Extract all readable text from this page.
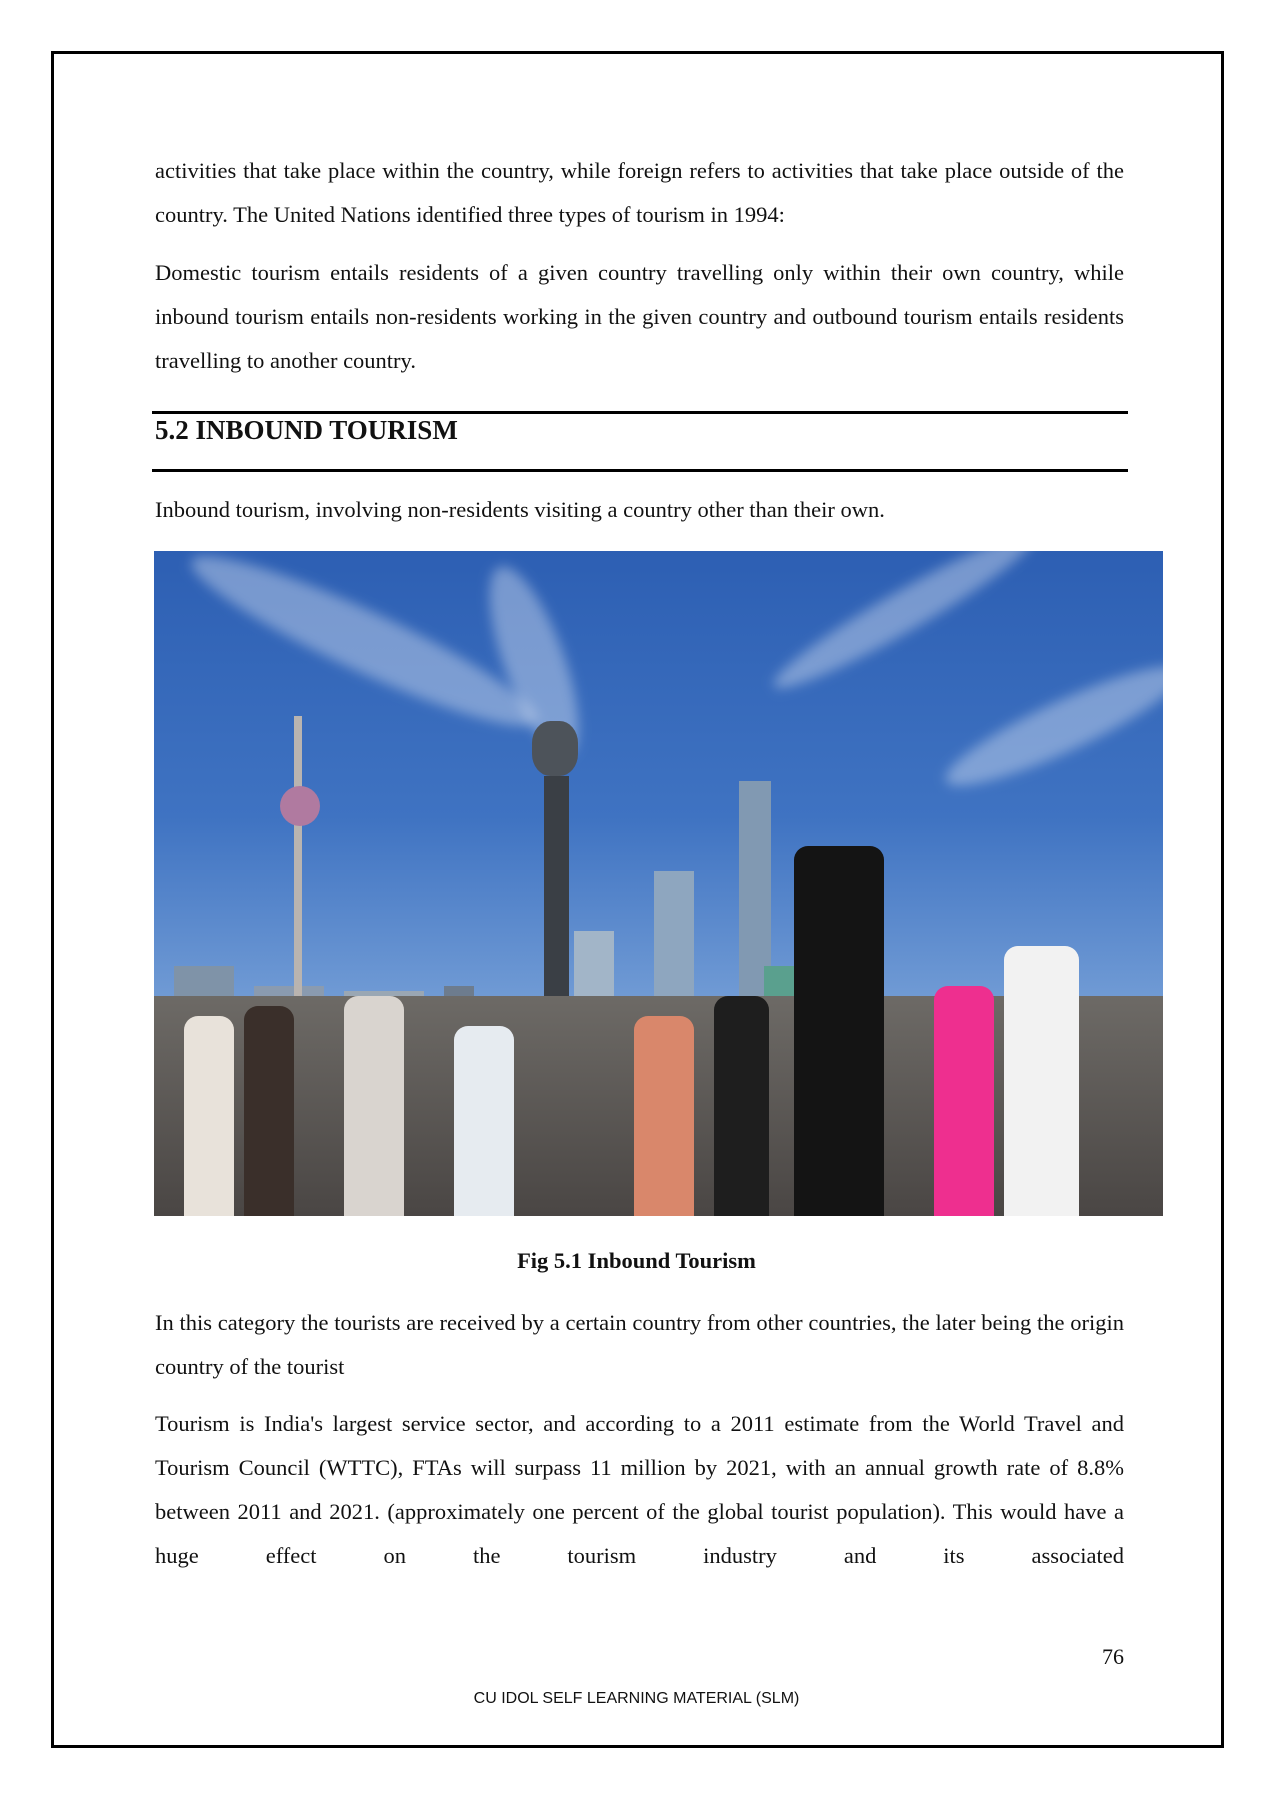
activities that take place within the country, while foreign refers to activities that take place outside of the country. The United Nations identified three types of tourism in 1994:
Domestic tourism entails residents of a given country travelling only within their own country, while inbound tourism entails non-residents working in the given country and outbound tourism entails residents travelling to another country.
5.2 INBOUND TOURISM
Inbound tourism, involving non-residents visiting a country other than their own.
Fig 5.1 Inbound Tourism
In this category the tourists are received by a certain country from other countries, the later being the origin country of the tourist
Tourism is India's largest service sector, and according to a 2011 estimate from the World Travel and Tourism Council (WTTC), FTAs will surpass 11 million by 2021, with an annual growth rate of 8.8% between 2011 and 2021. (approximately one percent of the global tourist population). This would have a huge effect on the tourism industry and its associated
76
CU IDOL SELF LEARNING MATERIAL (SLM)
